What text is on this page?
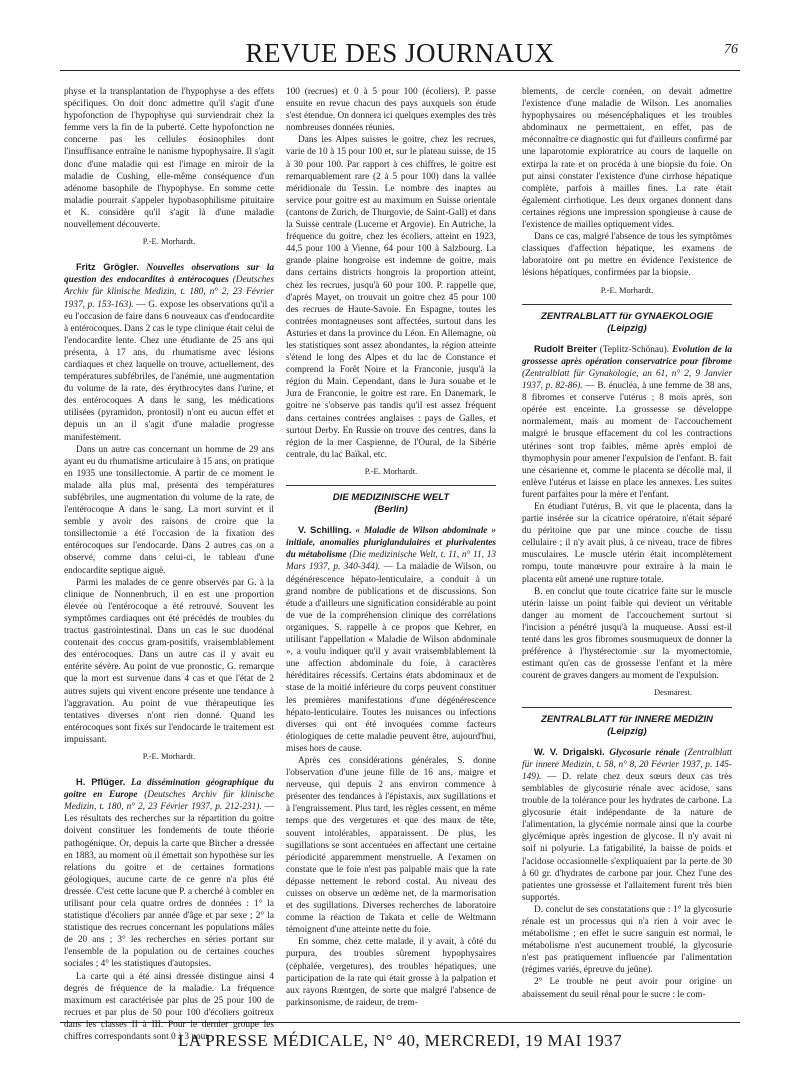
REVUE DES JOURNAUX	76

physe et la transplantation de l'hypophyse a des effets spécifiques. On doit donc admettre qu'il s'agit d'une hypofonction de l'hypophyse qui surviendrait chez la femme vers la fin de la puberté. Cette hypofonction ne concerne pas les cellules éosinophiles dont l'insuffisance entraîne le nanisme hypophysaire. Il s'agit donc d'une maladie qui est l'image en miroir de la maladie de Cushing, elle-même conséquence d'un adénome basophile de l'hypophyse. En somme cette maladie pourrait s'appeler hypobasophilisme pituitaire et K. considère qu'il s'agit là d'une maladie nouvellement découverte.

P.-E. Morhardt.

Fritz Grögler. Nouvelles observations sur la question des endocardites à entérocoques (Deutsches Archiv für klinische Medizin, t. 180, n° 2, 23 Février 1937, p. 153-163). — G. expose les observations qu'il a eu l'occasion de faire dans 6 nouveaux cas d'endocardite à entérocoques. Dans 2 cas le type clinique était celui de l'endocardite lente. Chez une étudiante de 25 ans qui présenta, à 17 ans, du rhumatisme avec lésions cardiaques et chez laquelle on trouve, actuellement, des températures subfébriles, de l'anémie, une augmentation du volume de la rate, des érythrocytes dans l'urine, et des entérocoques A dans le sang, les médications utilisées (pyramidon, prontosil) n'ont eu aucun effet et depuis un an il s'agit d'une maladie progresse manifestement.

Dans un autre cas concernant un homme de 29 ans ayant eu du rhumatisme articulaire à 15 ans, on pratique en 1935 une tonsillectomie. A partir de ce moment le malade alla plus mal, présenta des températures subfébriles, une augmentation du volume de la rate, de l'entérocoque A dans le sang. La mort survint et il semble y avoir des raisons de croire que la tonsillectomie a été l'occasion de la fixation des entérocoques sur l'endocarde. Dans 2 autres cas on a observé, comme dans celui-ci, le tableau d'une endocardite septique aiguë.

Parmi les malades de ce genre observés par G. à la clinique de Nonnenbruch, il en est une proportion élevée où l'entérocoque a été retrouvé. Souvent les symptômes cardiaques ont été précédés de troubles du tractus gastrointestinal. Dans un cas le suc duodénal contenait des coccus gram-positifs, vraisemblablement des entérocoques. Dans un autre cas il y avait eu entérite sévère. Au point de vue pronostic, G. remarque que la mort est survenue dans 4 cas et que l'état de 2 autres sujets qui vivent encore présente une tendance à l'aggravation. Au point de vue thérapeutique les tentatives diverses n'ont rien donné. Quand les entérocoques sont fixés sur l'endocarde le traitement est impuissant.

P.-E. Morhardt.

H. Pflüger. La dissémination géographique du goitre en Europe (Deutsches Archiv für klinische Medizin, t. 180, n° 2, 23 Février 1937, p. 212-231). — Les résultats des recherches sur la répartition du goitre doivent constituer les fondements de toute théorie pathogénique. Or, depuis la carte que Bircher a dressée en 1883, au moment où il émettait son hypothèse sur les relations du goitre et de certaines formations géologiques, aucune carte de ce genre n'a plus été dressée. C'est cette lacune que P. a cherché à combler en utilisant pour cela quatre ordres de données : 1° la statistique d'écoliers par année d'âge et par sexe ; 2° la statistique des recrues concernant les populations mâles de 20 ans ; 3° les recherches en séries portant sur l'ensemble de la population ou de certaines couches sociales ; 4° les statistiques d'autopsies.

La carte qui a été ainsi dressée distingue ainsi 4 degrés de fréquence de la maladie. La fréquence maximum est caractérisée par plus de 25 pour 100 de recrues et par plus de 50 pour 100 d'écoliers goitreux dans les classes II à III. Pour le dernier groupe les chiffres correspondants sont 0 à 3 pour

100 (recrues) et 0 à 5 pour 100 (écoliers). P. passe ensuite en revue chacun des pays auxquels son étude s'est étendue. On donnera ici quelques exemples des très nombreuses données réunies.

Dans les Alpes suisses le goitre, chez les recrues, varie de 10 à 15 pour 100 et, sur le plateau suisse, de 15 à 30 pour 100. Par rapport à ces chiffres, le goitre est remarquablement rare (2 à 5 pour 100) dans la vallée méridionale du Tessin. Le nombre des inaptes au service pour goitre est au maximum en Suisse orientale (cantons de Zurich, de Thurgovie, de Saint-Gall) et dans la Suisse centrale (Lucerne et Argovie). En Autriche, la fréquence du goitre, chez les écoliers, atteint en 1923, 44,5 pour 100 à Vienne, 64 pour 100 à Salzbourg. La grande plaine hongroise est indemne de goitre, mais dans certains districts hongrois la proportion atteint, chez les recrues, jusqu'à 60 pour 100. P. rappelle que, d'après Mayet, on trouvait un goitre chez 45 pour 100 des recrues de Haute-Savoie. En Espagne, toutes les contrées montagneuses sont affectées, surtout dans les Asturies et dans la province du Léon. En Allemagne, où les statistiques sont assez abondantes, la région atteinte s'étend le long des Alpes et du lac de Constance et comprend la Forêt Noire et la Franconie, jusqu'à la région du Main. Cependant, dans le Jura souabe et le Jura de Franconie, le goitre est rare. En Danemark, le goitre ne s'observe pas tandis qu'il est assez fréquent dans certaines contrées anglaises : pays de Galles, et surtout Derby. En Russie on trouve des centres, dans la région de la mer Caspienne, de l'Oural, de la Sibérie centrale, du lac Baïkal, etc.

P.-E. Morhardt.

DIE MEDIZINISCHE WELT

(Berlin)

V. Schilling. « Maladie de Wilson abdominale » initiale, anomalies pluriglandulaires et plurivalentes du métabolisme (Die medizinische Welt, t. 11, n° 11, 13 Mars 1937, p. 340-344). — La maladie de Wilson, ou dégénérescence hépato-lenticulaire, a conduit à un grand nombre de publications et de discussions. Son étude a d'ailleurs une signification considérable au point de vue de la compréhension clinique des corrélations organiques. S. rappelle à ce propos que Kehrer, en utilisant l'appellation « Maladie de Wilson abdominale », a voulu indiquer qu'il y avait vraisemblablement là une affection abdominale du foie, à caractères héréditaires récessifs. Certains états abdominaux et de stase de la moitié inférieure du corps peuvent constituer les premières manifestations d'une dégénérescence hépato-lenticulaire. Toutes les nuisances ou infections diverses qui ont été invoquées comme facteurs étiologiques de cette maladie peuvent être, aujourd'hui, mises hors de cause.

Après ces considérations générales, S. donne l'observation d'une jeune fille de 16 ans, maigre et nerveuse, qui depuis 2 ans environ commence à présenter des tendances à l'épistaxis, aux sugillations et à l'engraissement. Plus tard, les règles cessent, en même temps que des vergetures et que des maux de tête, souvent intolérables, apparaissent. De plus, les sugillations se sont accentuées en affectant une certaine périodicité apparemment menstruelle. A l'examen on constate que le foie n'est pas palpable mais que la rate dépasse nettement le rebord costal. Au niveau des cuisses on observe un œdème net, de la marmorisation et des sugillations. Diverses recherches de laboratoire comme la réaction de Takata et celle de Weltmann témoignent d'une atteinte nette du foie.

En somme, chez cette malade, il y avait, à côté du purpura, des troubles sûrement hypophysaires (céphalée, vergetures), des troubles hépatiques, une participation de la rate qui était grosse à la palpation et aux rayons Rœntgen, de sorte que malgré l'absence de parkinsonisme, de raideur, de trem-

blements, de cercle cornéen, on devait admettre l'existence d'une maladie de Wilson. Les anomalies hypophysaires ou mésencéphaliques et les troubles abdominaux ne permettaient, en effet, pas de méconnaître ce diagnostic qui fut d'ailleurs confirmé par une laparotomie exploratrice au cours de laquelle on extirpa la rate et on procéda à une biopsie du foie. On put ainsi constater l'existence d'une cirrhose hépatique complète, parfois à mailles fines. La rate était également cirrhotique. Les deux organes donnent dans certaines régions une impression spongieuse à cause de l'existence de mailles optiquement vides.

Dans ce cas, malgré l'absence de tous les symptômes classiques d'affection hépatique, les examens de laboratoire ont pu mettre en évidence l'existence de lésions hépatiques, confirmées par la biopsie.

P.-E. Morhardt.

ZENTRALBLATT für GYNAEKOLOGIE

(Leipzig)

Rudolf Breiter (Teplitz-Schönau). Evolution de la grossesse après opération conservatrice pour fibrome (Zentralblatt für Gynakologie, an 61, n° 2, 9 Janvier 1937, p. 82-86). — B. énucléa, à une femme de 38 ans, 8 fibromes et conserve l'utérus ; 8 mois après, son opérée est enceinte. La grossesse se développe normalement, mais au moment de l'accouchement malgré le brusque effacement du col les contractions utérines sont trop faibles, même après emploi de thymophysin pour amener l'expulsion de l'enfant. B. fait une césarienne et, comme le placenta se décolle mal, il enlève l'utérus et laisse en place les annexes. Les suites furent parfaites pour la mère et l'enfant.

En étudiant l'utérus, B. vit que le placenta, dans la partie insérée sur la cicatrice opératoire, n'était séparé du péritoine que par une mince couche de tissu cellulaire ; il n'y avait plus, à ce niveau, trace de fibres musculaires. Le muscle utérin était incomplètement rompu, toute manœuvre pour extraire à la main le placenta eût amené une rupture totale.

B. en conclut que toute cicatrice faite sur le muscle utérin laisse un point faible qui devient un véritable danger au moment de l'accouchement surtout si l'incision a pénétré jusqu'à la muqueuse. Aussi est-il tenté dans les gros fibromes sousmuqueux de donner la préférence à l'hystérectomie sur la myomectomie, estimant qu'en cas de grossesse l'enfant et la mère courent de graves dangers au moment de l'expulsion.

Desmarest.

ZENTRALBLATT für INNERE MEDIZIN

(Leipzig)

W. V. Drigalski. Glycosurie rénale (Zentralblatt für innere Medizin, t. 58, n° 8, 20 Février 1937, p. 145-149). — D. relate chez deux sœurs deux cas très semblables de glycosurie rénale avec acidose, sans trouble de la tolérance pour les hydrates de carbone. La glycosurie était indépendante de la nature de l'alimentation, la glycémie normale ainsi que la courbe glycémique après ingestion de glycose. Il n'y avait ni soif ni polyurie. La fatigabilité, la baisse de poids et l'acidose occasionnelle s'expliquaient par la perte de 30 à 60 gr. d'hydrates de carbone par jour. Chez l'une des patientes une grossesse et l'allaitement furent très bien supportés.

D. conclut de ses constatations que : 1° la glycosurie rénale est un processus qui n'a rien à voir avec le métabolisme ; en effet le sucre sanguin est normal, le métabolisme n'est aucunement troublé, la glycosurie n'est pas pratiquement influencée par l'alimentation (régimes variés, épreuve du jeûne).

2° Le trouble ne peut avoir pour origine un abaissement du seuil rénal pour le sucre : le com-

LA PRESSE MÉDICALE, N° 40, MERCREDI, 19 MAI 1937
